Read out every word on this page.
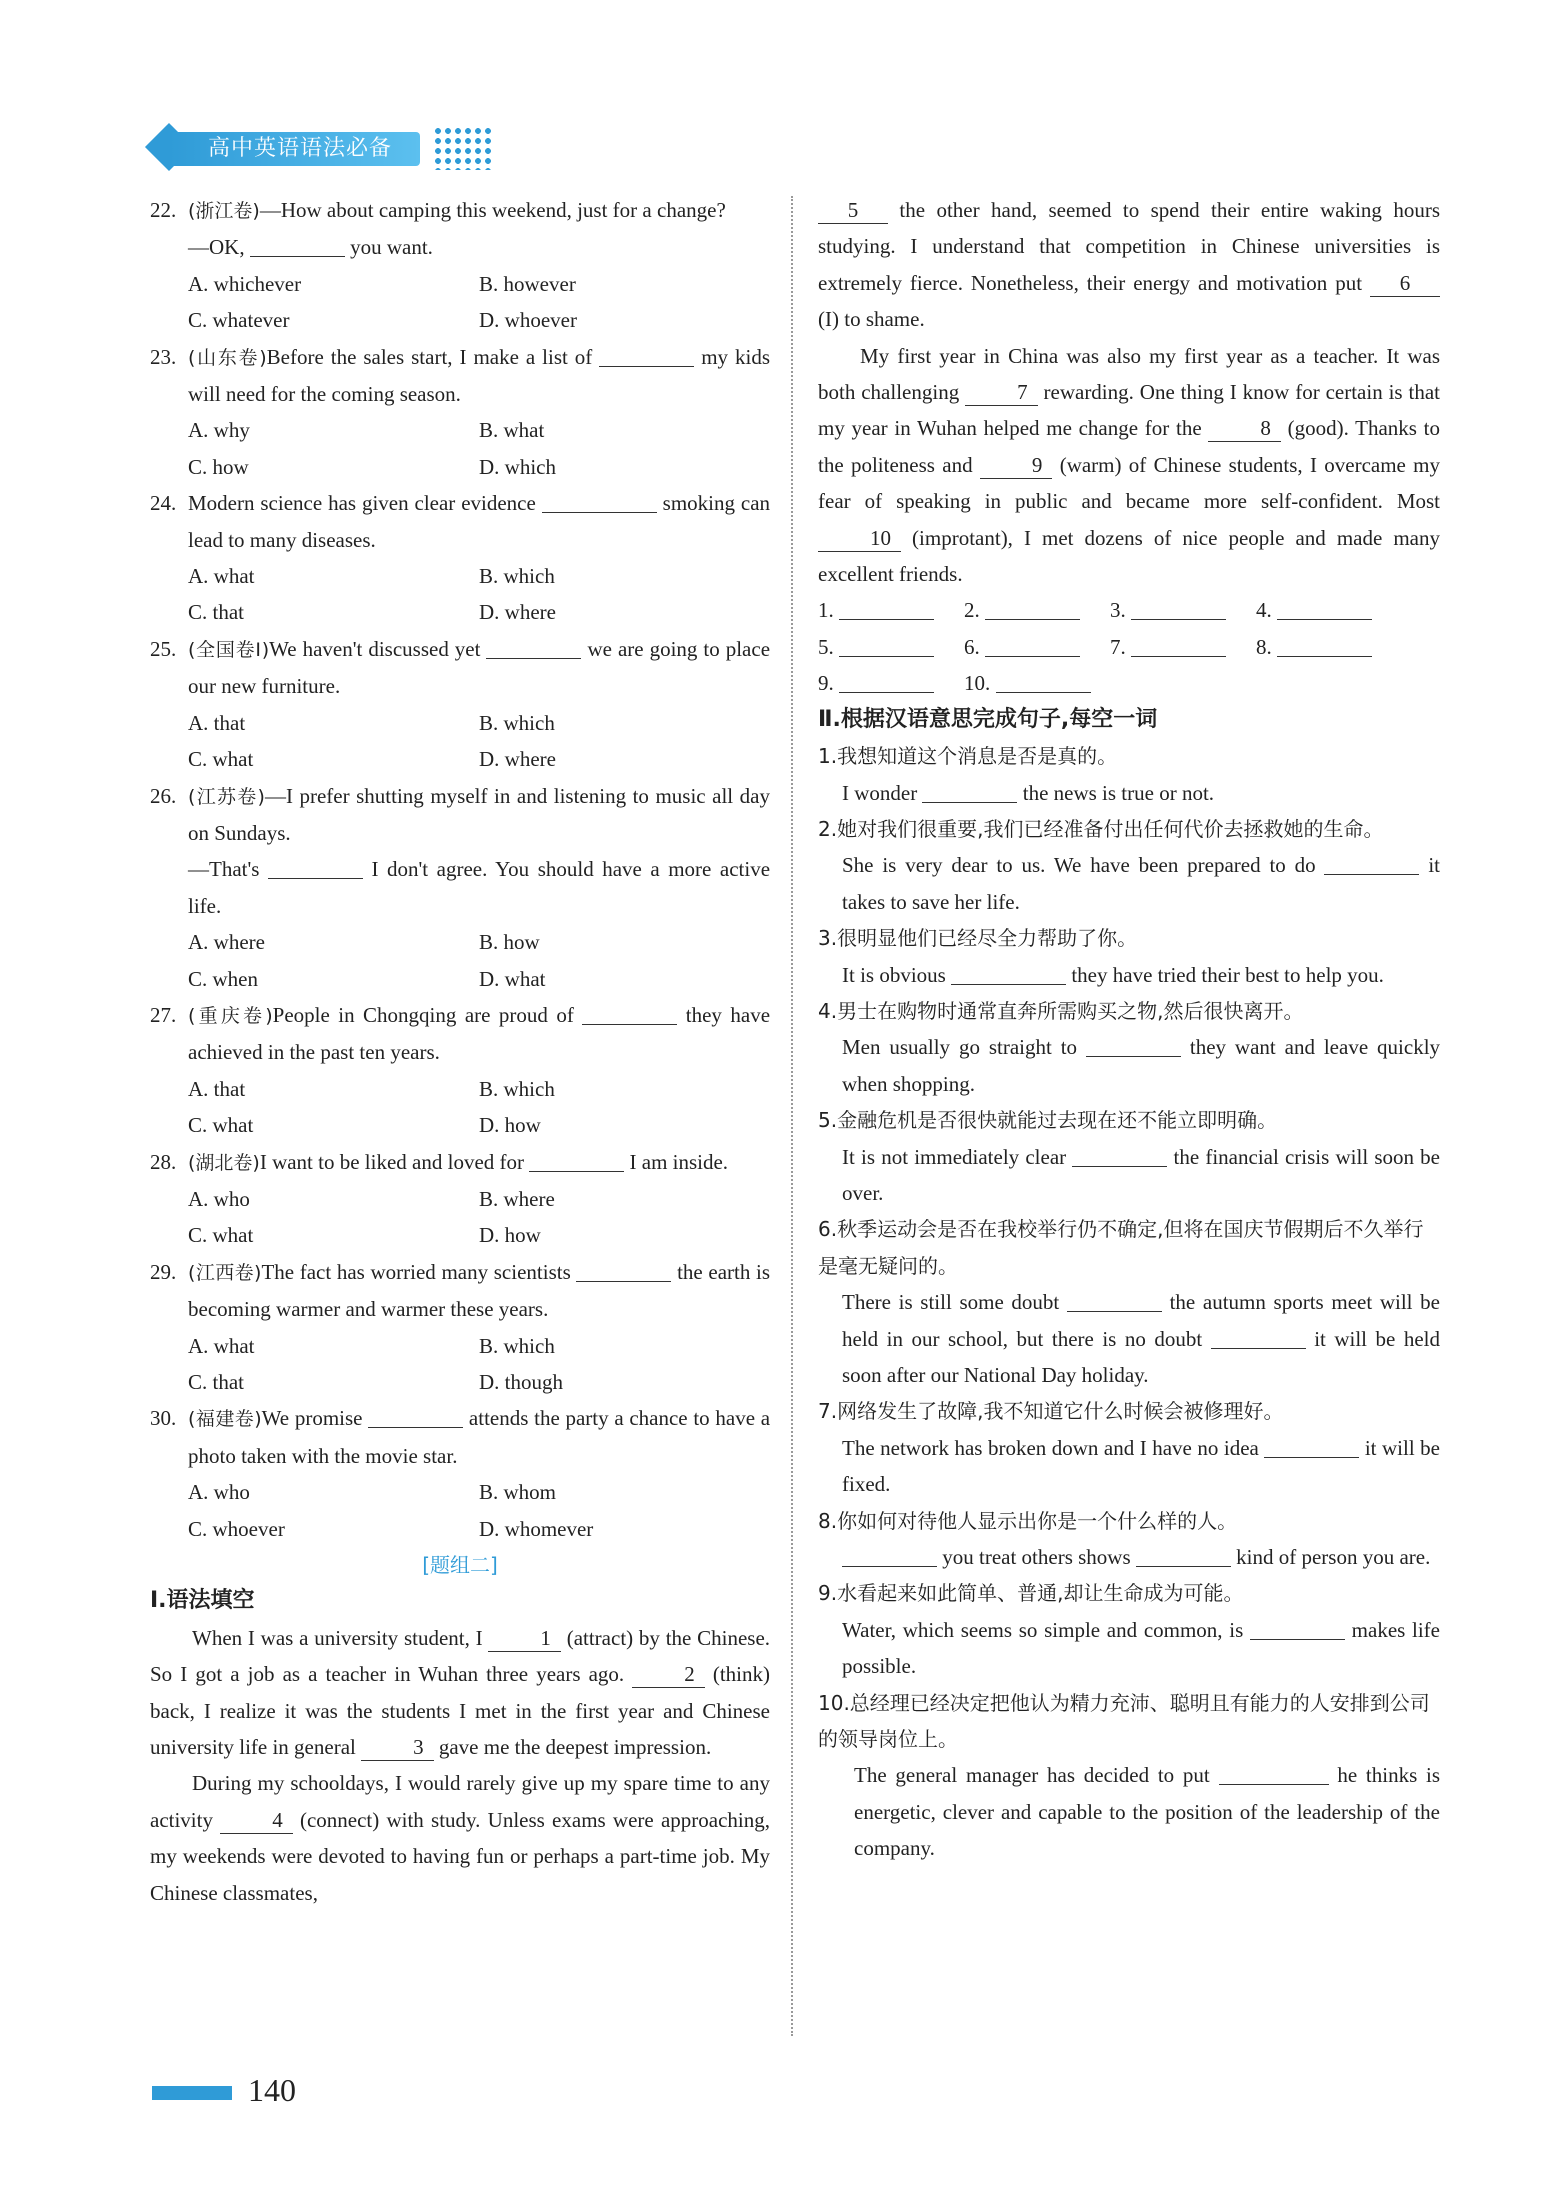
高中英语语法必备
22. (浙江卷)—How about camping this weekend, just for a change?
—OK,	you want.
A. whichever	B. however
C. whatever	D. whoever
23. (山东卷)Before the sales start, I make a list of	my kids will need for the coming season.
A. why	B. what
C. how	D. which
24. Modern science has given clear evidence	smoking can lead to many diseases.
A. what	B. which
C. that	D. where
25. (全国卷Ⅰ)We haven't discussed yet	we are going to place our new furniture.
A. that	B. which
C. what	D. where
26. (江苏卷)—I prefer shutting myself in and listening to music all day on Sundays.
—That's	I don't agree. You should have a more active life.
A. where	B. how
C. when	D. what
27. (重庆卷)People in Chongqing are proud of	they have achieved in the past ten years.
A. that	B. which
C. what	D. how
28. (湖北卷)I want to be liked and loved for	I am inside.
A. who	B. where
C. what	D. how
29. (江西卷)The fact has worried many scientists	the earth is becoming warmer and warmer these years.
A. what	B. which
C. that	D. though
30. (福建卷)We promise	attends the party a chance to have a photo taken with the movie star.
A. who	B. whom
C. whoever	D. whomever
[题组二]
Ⅰ.语法填空
When I was a university student, I	1 (attract) by the Chinese. So I got a job as a teacher in Wuhan three years ago.	2 (think) back, I realize it was the students I met in the first year and Chinese university life in general	3 gave me the deepest impression.
During my schooldays, I would rarely give up my spare time to any activity	4 (connect) with study. Unless exams were approaching, my weekends were devoted to having fun or perhaps a part-time job. My Chinese classmates,
5 the other hand, seemed to spend their entire waking hours studying. I understand that competition in Chinese universities is extremely fierce. Nonetheless, their energy and motivation put 6 (I) to shame.
My first year in China was also my first year as a teacher. It was both challenging	7 rewarding. One thing I know for certain is that my year in Wuhan helped me change for the	8 (good). Thanks to the politeness and	9 (warm) of Chinese students, I overcame my fear of speaking in public and became more self-confident. Most 10 (improtant), I met dozens of nice people and made many excellent friends.
1.	2.	3.	4.
5.	6.	7.	8.
9.	10.
Ⅱ.根据汉语意思完成句子,每空一词
1.我想知道这个消息是否是真的。
I wonder	the news is true or not.
2.她对我们很重要,我们已经准备付出任何代价去拯救她的生命。
She is very dear to us. We have been prepared to do	it takes to save her life.
3.很明显他们已经尽全力帮助了你。
It is obvious	they have tried their best to help you.
4.男士在购物时通常直奔所需购买之物,然后很快离开。
Men usually go straight to	they want and leave quickly when shopping.
5.金融危机是否很快就能过去现在还不能立即明确。
It is not immediately clear	the financial crisis will soon be over.
6.秋季运动会是否在我校举行仍不确定,但将在国庆节假期后不久举行是毫无疑问的。
There is still some doubt	the autumn sports meet will be held in our school, but there is no doubt	it will be held soon after our National Day holiday.
7.网络发生了故障,我不知道它什么时候会被修理好。
The network has broken down and I have no idea	it will be fixed.
8.你如何对待他人显示出你是一个什么样的人。
you treat others shows	kind of person you are.
9.水看起来如此简单、普通,却让生命成为可能。
Water, which seems so simple and common, is	makes life possible.
10.总经理已经决定把他认为精力充沛、聪明且有能力的人安排到公司的领导岗位上。
The general manager has decided to put	he thinks is energetic, clever and capable to the position of the leadership of the company.
140
